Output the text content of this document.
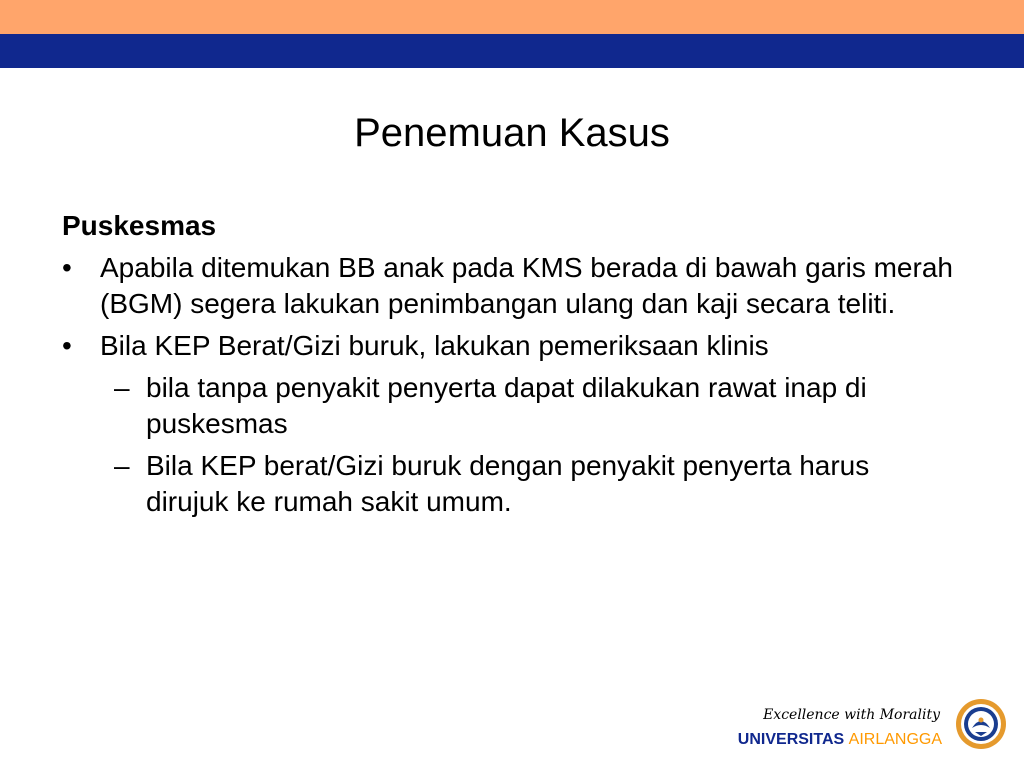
Penemuan Kasus
Puskesmas
• Apabila ditemukan BB anak pada KMS berada di bawah garis merah (BGM) segera lakukan penimbangan ulang dan kaji secara teliti.
• Bila KEP Berat/Gizi buruk, lakukan pemeriksaan klinis
– bila tanpa penyakit penyerta dapat dilakukan rawat inap di puskesmas
– Bila KEP berat/Gizi buruk dengan penyakit penyerta harus dirujuk ke rumah sakit umum.
Excellence with Morality
UNIVERSITAS AIRLANGGA
